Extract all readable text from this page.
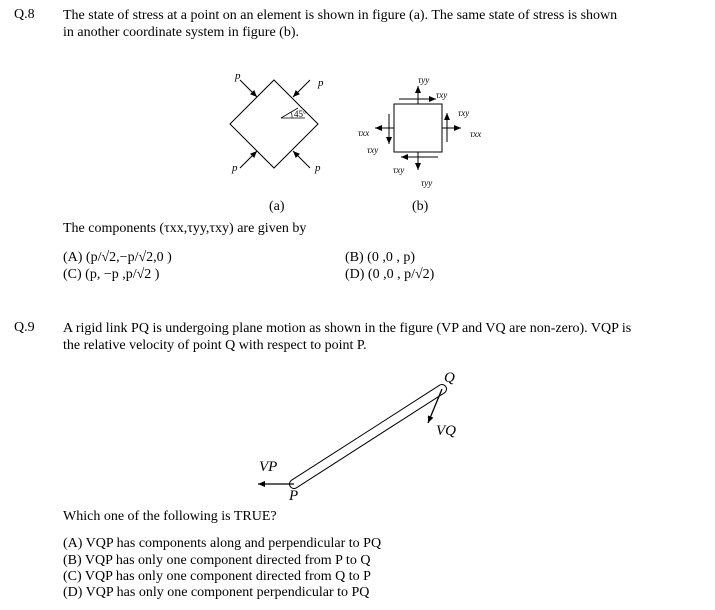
Q.8 The state of stress at a point on an element is shown in figure (a). The same state of stress is shown
in another coordinate system in figure (b).
p
p
p	p
45°
(a)
τyy
τxy
τxy
τxx
τxx
τxy
τxy
τyy
(b)
The components (τxx,τyy,τxy) are given by
(A) (p/√2,−p/√2,0 )	(B) (0 ,0 , p)
(C) (p, −p ,p/√2 )	(D) (0 ,0 , p/√2)
Q.9 A rigid link PQ is undergoing plane motion as shown in the figure (VP and VQ are non-zero). VQP is
the relative velocity of point Q with respect to point P.
Q
VQ
VP
P
Which one of the following is TRUE?
(A) VQP has components along and perpendicular to PQ
(B) VQP has only one component directed from P to Q
(C) VQP has only one component directed from Q to P
(D) VQP has only one component perpendicular to PQ
